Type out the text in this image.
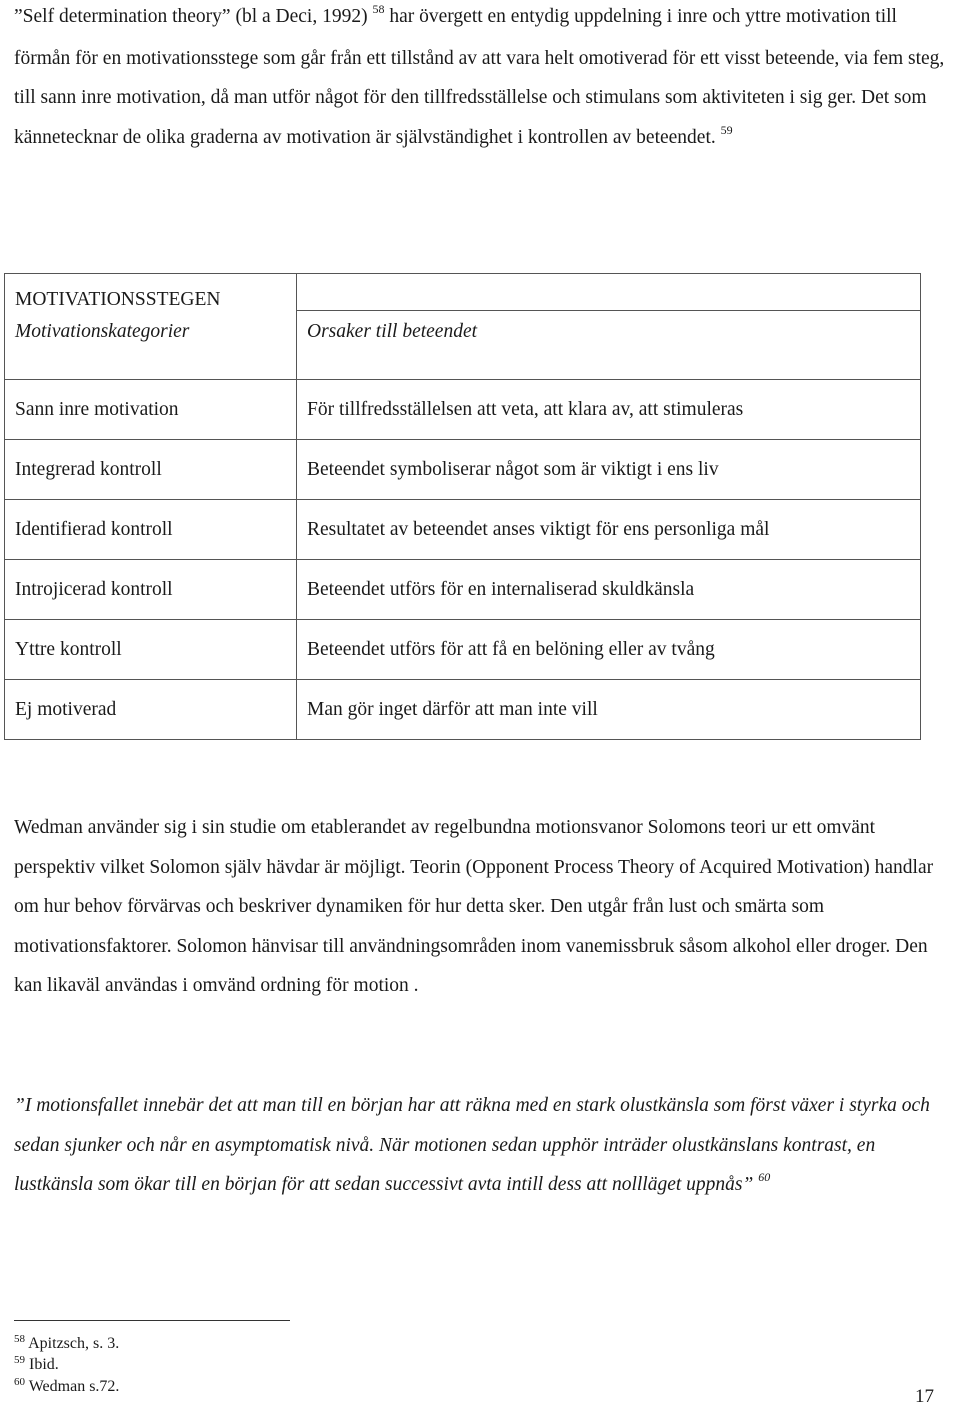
”Self determination theory” (bl a Deci, 1992) $^{58}$ har övergett en entydig uppdelning i inre och yttre motivation till förmån för en motivationsstege som går från ett tillstånd av att vara helt omotiverad för ett visst beteende, via fem steg, till sann inre motivation, då man utför något för den tillfredsställelse och stimulans som aktiviteten i sig ger. Det som kännetecknar de olika graderna av motivation är självständighet i kontrollen av beteendet. $^{59}$

MOTIVATIONSSTEGEN	
Motivationskategorier	Orsaker till beteendet
Sann inre motivation	För tillfredsställelsen att veta, att klara av, att stimuleras
Integrerad kontroll	Beteendet symboliserar något som är viktigt i ens liv
Identifierad kontroll	Resultatet av beteendet anses viktigt för ens personliga mål
Introjicerad kontroll	Beteendet utförs för en internaliserad skuldkänsla
Yttre kontroll	Beteendet utförs för att få en belöning eller av tvång
Ej motiverad	Man gör inget därför att man inte vill

Wedman använder sig i sin studie om etablerandet av regelbundna motionsvanor Solomons teori ur ett omvänt perspektiv vilket Solomon själv hävdar är möjligt. Teorin (Opponent Process Theory of Acquired Motivation) handlar om hur behov förvärvas och beskriver dynamiken för hur detta sker. Den utgår från lust och smärta som motivationsfaktorer. Solomon hänvisar till användningsområden inom vanemissbruk såsom alkohol eller droger. Den kan likaväl användas i omvänd ordning för motion .

”I motionsfallet innebär det att man till en början har att räkna med en stark olustkänsla som först växer i styrka och sedan sjunker och når en asymptomatisk nivå. När motionen sedan upphör inträder olustkänslans kontrast, en lustkänsla som ökar till en början för att sedan successivt avta intill dess att nollläget uppnås” $^{60}$

$^{58}$ Apitzsch, s. 3.
$^{59}$ Ibid.
$^{60}$ Wedman s.72.	17
